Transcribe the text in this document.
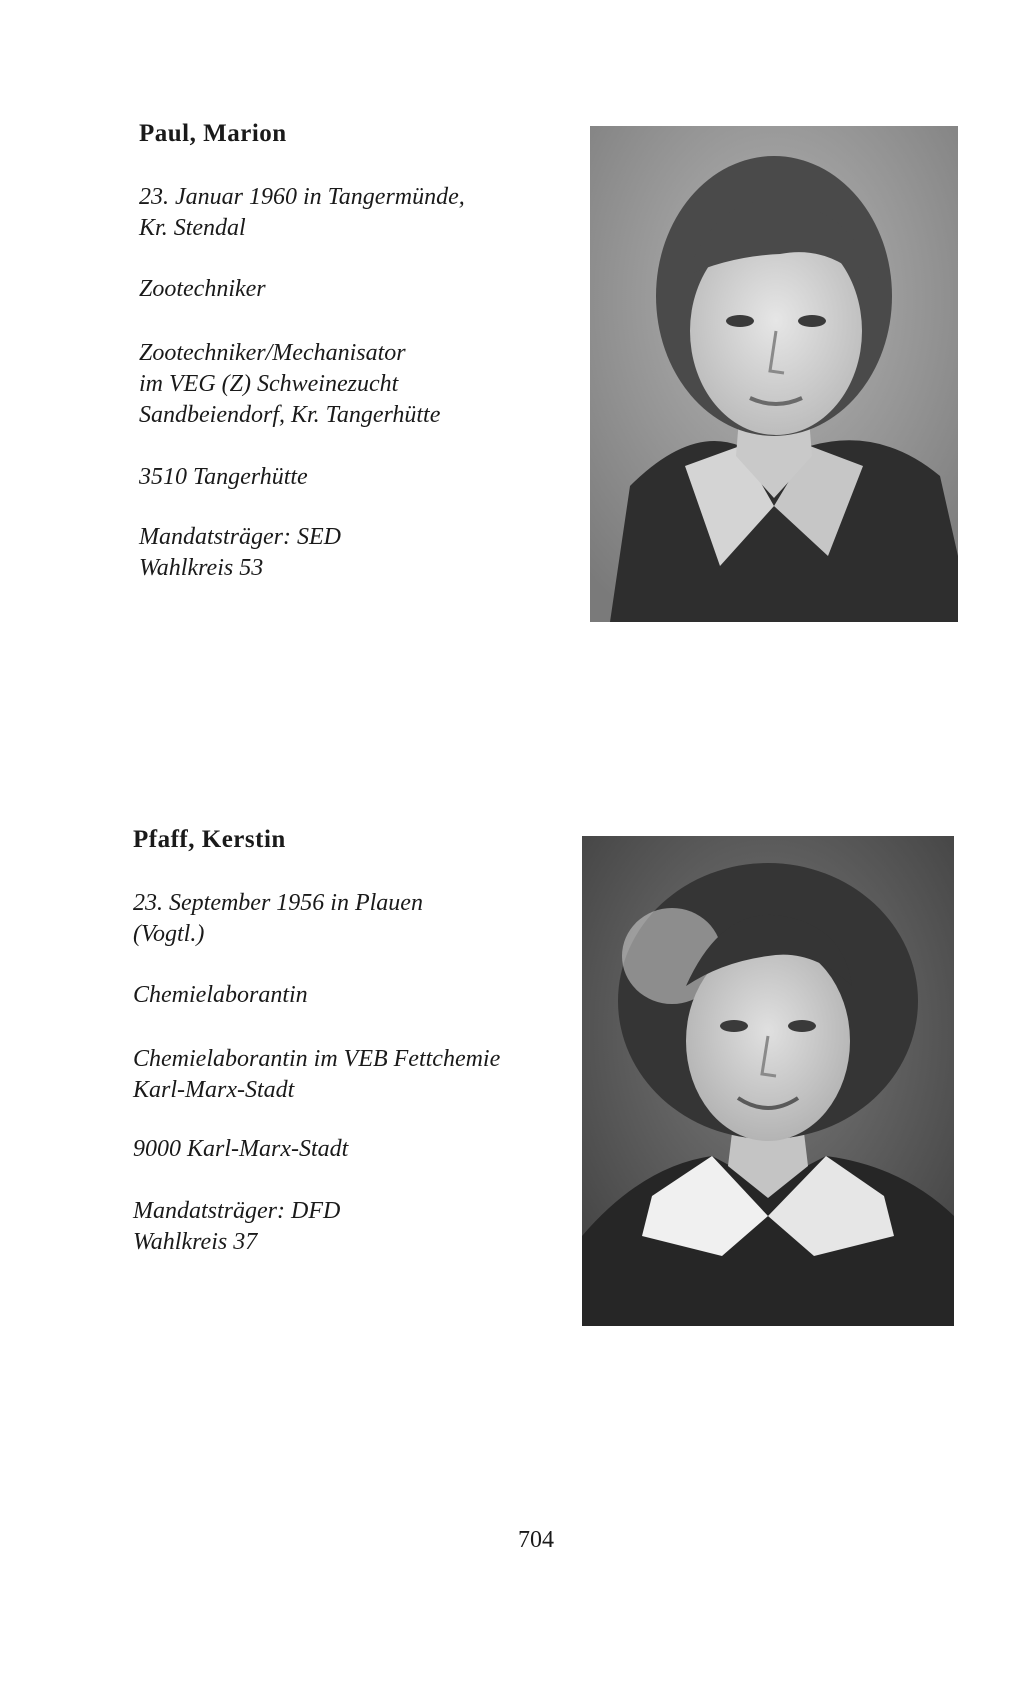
Paul, Marion

23. Januar 1960 in Tangermünde,
Kr. Stendal

Zootechniker

Zootechniker/Mechanisator
im VEG (Z) Schweinezucht
Sandbeiendorf, Kr. Tangerhütte

3510 Tangerhütte

Mandatsträger: SED
Wahlkreis 53

Pfaff, Kerstin

23. September 1956 in Plauen
(Vogtl.)

Chemielaborantin

Chemielaborantin im VEB Fettchemie
Karl-Marx-Stadt

9000 Karl-Marx-Stadt

Mandatsträger: DFD
Wahlkreis 37

704
